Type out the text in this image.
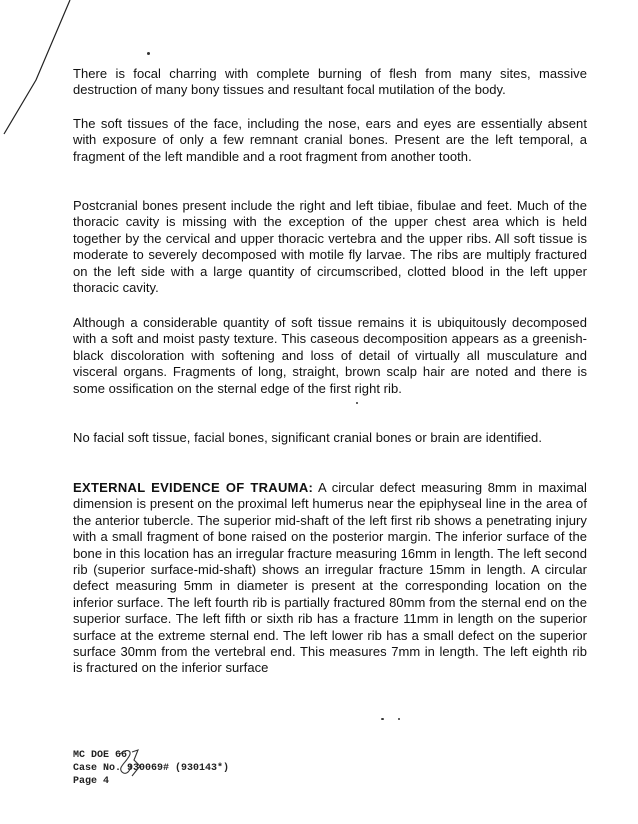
There is focal charring with complete burning of flesh from many sites, massive destruction of many bony tissues and resultant focal mutilation of the body.

The soft tissues of the face, including the nose, ears and eyes are essentially absent with exposure of only a few remnant cranial bones. Present are the left temporal, a fragment of the left mandible and a root fragment from another tooth.

Postcranial bones present include the right and left tibiae, fibulae and feet. Much of the thoracic cavity is missing with the exception of the upper chest area which is held together by the cervical and upper thoracic vertebra and the upper ribs. All soft tissue is moderate to severely decomposed with motile fly larvae. The ribs are multiply fractured on the left side with a large quantity of circumscribed, clotted blood in the left upper thoracic cavity.

Although a considerable quantity of soft tissue remains it is ubiquitously decomposed with a soft and moist pasty texture. This caseous decomposition appears as a greenish-black discoloration with softening and loss of detail of virtually all musculature and visceral organs. Fragments of long, straight, brown scalp hair are noted and there is some ossification on the sternal edge of the first right rib.

No facial soft tissue, facial bones, significant cranial bones or brain are identified.

EXTERNAL EVIDENCE OF TRAUMA: A circular defect measuring 8mm in maximal dimension is present on the proximal left humerus near the epiphyseal line in the area of the anterior tubercle. The superior mid-shaft of the left first rib shows a penetrating injury with a small fragment of bone raised on the posterior margin. The inferior surface of the bone in this location has an irregular fracture measuring 16mm in length. The left second rib (superior surface-mid-shaft) shows an irregular fracture 15mm in length. A circular defect measuring 5mm in diameter is present at the corresponding location on the inferior surface. The left fourth rib is partially fractured 80mm from the sternal end on the superior surface. The left fifth or sixth rib has a fracture 11mm in length on the superior surface at the extreme sternal end. The left lower rib has a small defect on the superior surface 30mm from the vertebral end. This measures 7mm in length. The left eighth rib is fractured on the inferior surface

MC DOE 66
Case No. 930069# (930143*)
Page 4
